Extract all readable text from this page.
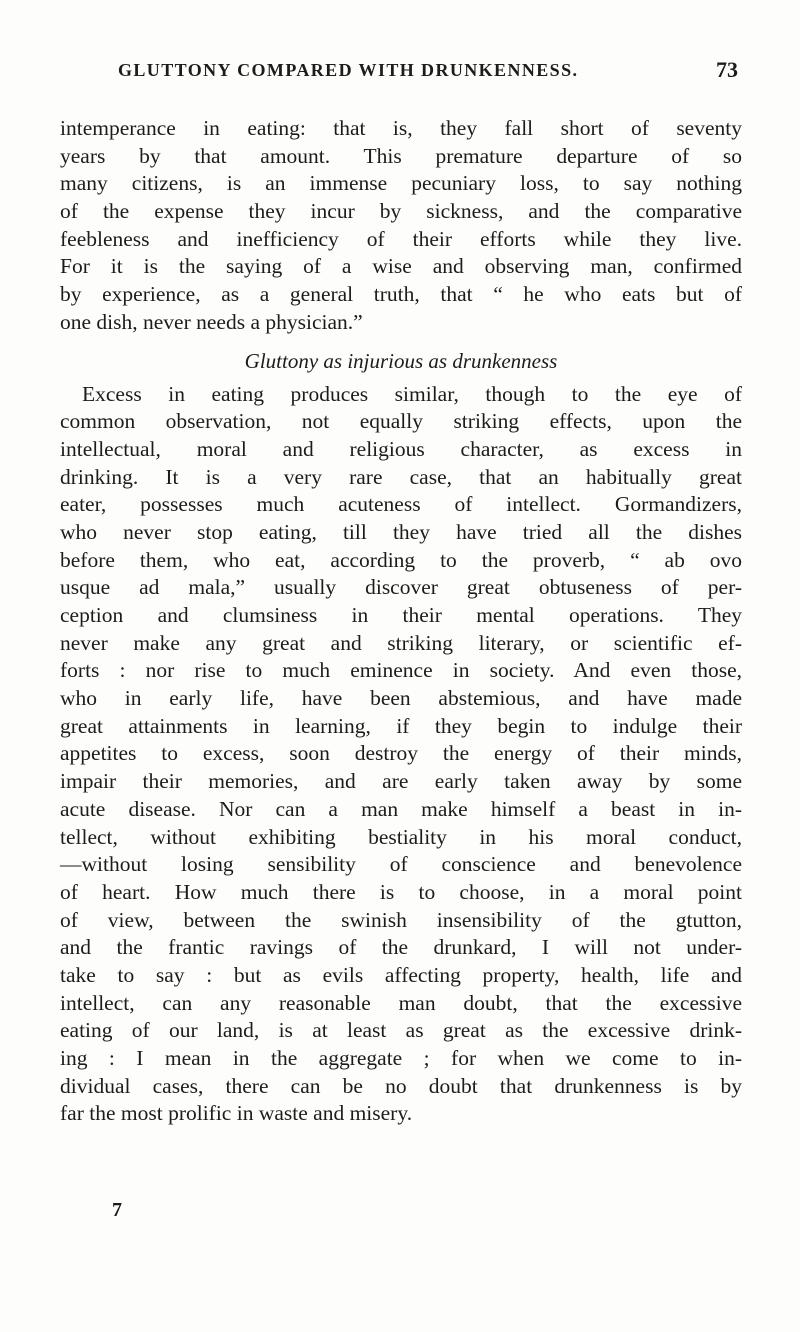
GLUTTONY COMPARED WITH DRUNKENNESS.	73
intemperance in eating: that is, they fall short of seventy
years by that amount. This premature departure of so
many citizens, is an immense pecuniary loss, to say nothing
of the expense they incur by sickness, and the comparative
feebleness and inefficiency of their efforts while they live.
For it is the saying of a wise and observing man, confirmed
by experience, as a general truth, that “ he who eats but of
one dish, never needs a physician.”
Gluttony as injurious as drunkenness
Excess in eating produces similar, though to the eye of
common observation, not equally striking effects, upon the
intellectual, moral and religious character, as excess in
drinking. It is a very rare case, that an habitually great
eater, possesses much acuteness of intellect. Gormandizers,
who never stop eating, till they have tried all the dishes
before them, who eat, according to the proverb, “ ab ovo
usque ad mala,” usually discover great obtuseness of per-
ception and clumsiness in their mental operations. They
never make any great and striking literary, or scientific ef-
forts : nor rise to much eminence in society. And even those,
who in early life, have been abstemious, and have made
great attainments in learning, if they begin to indulge their
appetites to excess, soon destroy the energy of their minds,
impair their memories, and are early taken away by some
acute disease. Nor can a man make himself a beast in in-
tellect, without exhibiting bestiality in his moral conduct,
—without losing sensibility of conscience and benevolence
of heart. How much there is to choose, in a moral point
of view, between the swinish insensibility of the gtutton,
and the frantic ravings of the drunkard, I will not under-
take to say : but as evils affecting property, health, life and
intellect, can any reasonable man doubt, that the excessive
eating of our land, is at least as great as the excessive drink-
ing : I mean in the aggregate ; for when we come to in-
dividual cases, there can be no doubt that drunkenness is by
far the most prolific in waste and misery.
7
